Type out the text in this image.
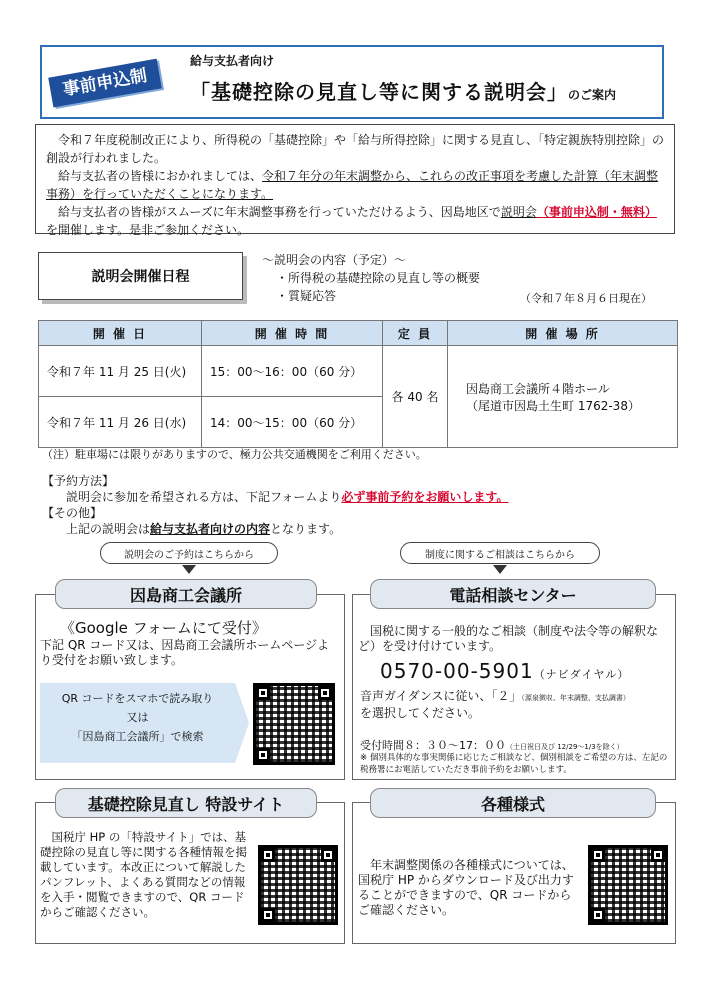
事前申込制
給与支払者向け
「基礎控除の見直し等に関する説明会」のご案内

令和７年度税制改正により、所得税の「基礎控除」や「給与所得控除」に関する見直し、「特定親族特別控除」の創設が行われました。

給与支払者の皆様におかれましては、令和７年分の年末調整から、これらの改正事項を考慮した計算（年末調整事務）を行っていただくことになります。

給与支払者の皆様がスムーズに年末調整事務を行っていただけるよう、因島地区で説明会（事前申込制・無料）を開催します。是非ご参加ください。

説明会開催日程
～説明会の内容（予定）～
・所得税の基礎控除の見直し等の概要
・質疑応答	（令和７年８月６日現在）
開 催 日	開 催 時 間	定 員	開 催 場 所
令和７年 11 月 25 日(火)	15：00～16：00（60 分）	各 40 名	因島商工会議所４階ホール
（尾道市因島土生町 1762-38）

令和７年 11 月 26 日(水)	14：00～15：00（60 分）		
（注）駐車場には限りがありますので、極力公共交通機関をご利用ください。
【予約方法】
説明会に参加を希望される方は、下記フォームより必ず事前予約をお願いします。
【その他】
上記の説明会は給与支払者向けの内容となります。
説明会のご予約はこちらから	制度に関するご相談はこちらから
因島商工会議所
《Google フォームにて受付》
下記 QR コード又は、因島商工会議所ホームページより受付をお願い致します。
QR コードをスマホで読み取り
又は
「因島商工会議所」で検索
電話相談センター
国税に関する一般的なご相談（制度や法令等の解釈など）を受け付けています。
0570-00-5901（ナビダイヤル）
音声ガイダンスに従い、「２」（源泉徴収、年末調整、支払調書）
を選択してください。
受付時間８：３０～17：００（土日祝日及び 12/29～1/3を除く）
※ 個別具体的な事実関係に応じたご相談など、個別相談をご希望の方は、左記の税務署にお電話していただき事前予約をお願いします。
基礎控除見直し 特設サイト
国税庁 HP の「特設サイト」では、基礎控除の見直し等に関する各種情報を掲載しています。本改正について解説したパンフレット、よくある質問などの情報を入手・閲覧できますので、QR コードからご確認ください。
各種様式
年末調整関係の各種様式については、国税庁 HP からダウンロード及び出力することができますので、QR コードからご確認ください。
